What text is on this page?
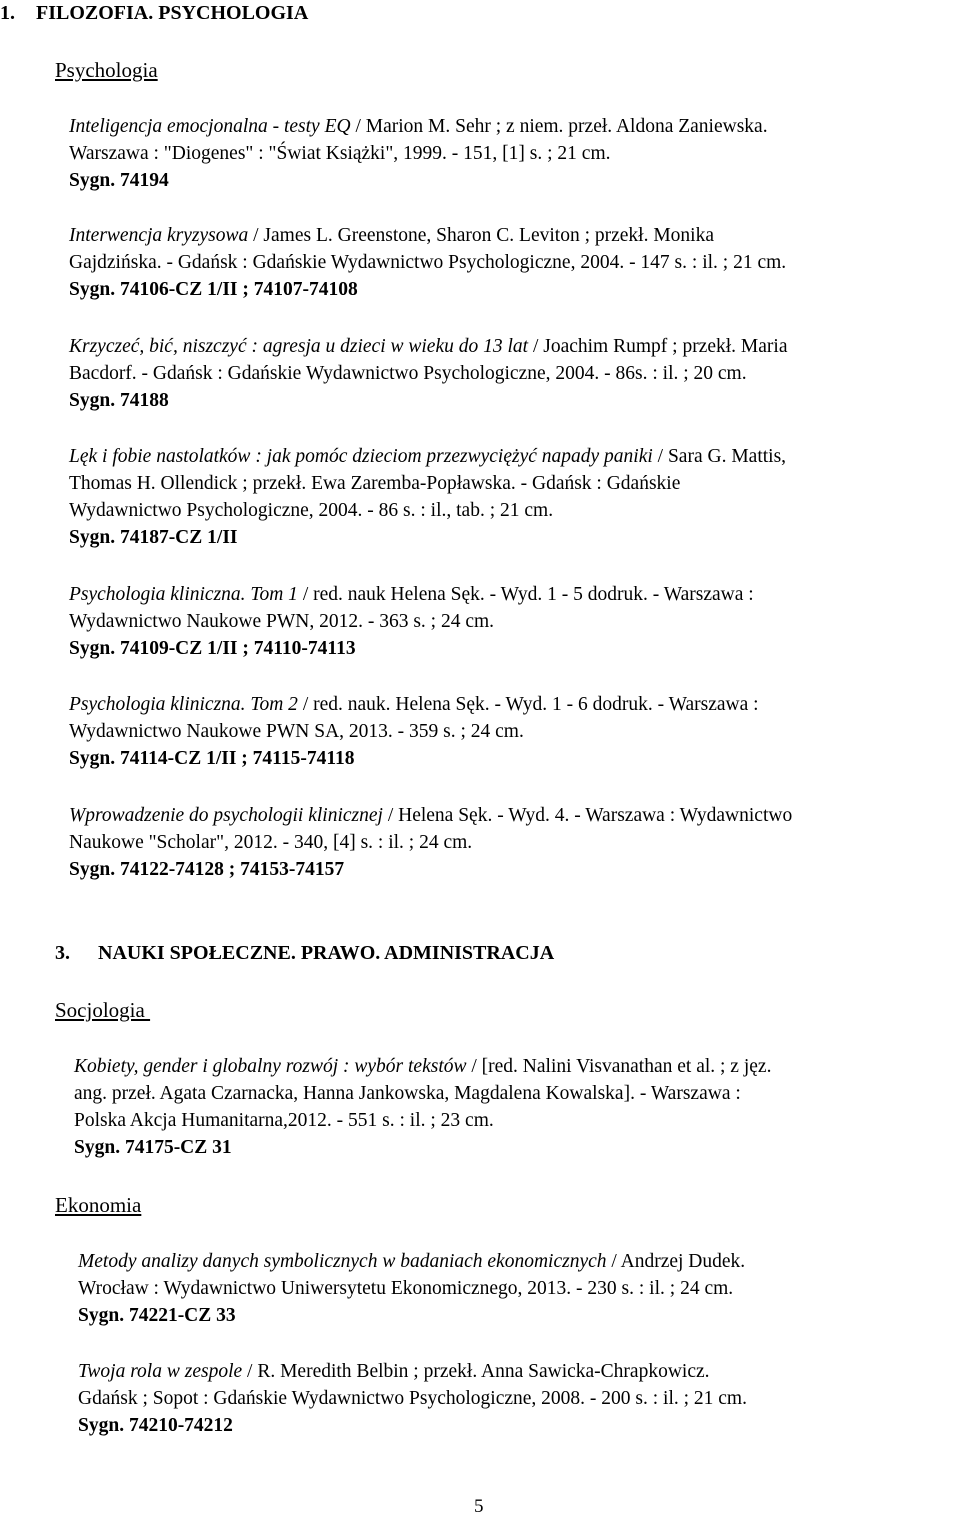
1. FILOZOFIA. PSYCHOLOGIA
Psychologia

Inteligencja emocjonalna - testy EQ / Marion M. Sehr ; z niem. przeł. Aldona Zaniewska.

Warszawa : "Diogenes" : "Świat Książki", 1999. - 151, [1] s. ; 21 cm.

Sygn. 74194

Interwencja kryzysowa / James L. Greenstone, Sharon C. Leviton ; przekł. Monika

Gajdzińska. - Gdańsk : Gdańskie Wydawnictwo Psychologiczne, 2004. - 147 s. : il. ; 21 cm.

Sygn. 74106-CZ 1/II ; 74107-74108

Krzyczeć, bić, niszczyć : agresja u dzieci w wieku do 13 lat / Joachim Rumpf ; przekł. Maria

Bacdorf. - Gdańsk : Gdańskie Wydawnictwo Psychologiczne, 2004. - 86s. : il. ; 20 cm.

Sygn. 74188

Lęk i fobie nastolatków : jak pomóc dzieciom przezwyciężyć napady paniki / Sara G. Mattis,

Thomas H. Ollendick ; przekł. Ewa Zaremba-Popławska. - Gdańsk : Gdańskie

Wydawnictwo Psychologiczne, 2004. - 86 s. : il., tab. ; 21 cm.

Sygn. 74187-CZ 1/II

Psychologia kliniczna. Tom 1 / red. nauk Helena Sęk. - Wyd. 1 - 5 dodruk. - Warszawa :

Wydawnictwo Naukowe PWN, 2012. - 363 s. ; 24 cm.

Sygn. 74109-CZ 1/II ; 74110-74113

Psychologia kliniczna. Tom 2 / red. nauk. Helena Sęk. - Wyd. 1 - 6 dodruk. - Warszawa :

Wydawnictwo Naukowe PWN SA, 2013. - 359 s. ; 24 cm.

Sygn. 74114-CZ 1/II ; 74115-74118

Wprowadzenie do psychologii klinicznej / Helena Sęk. - Wyd. 4. - Warszawa : Wydawnictwo

Naukowe "Scholar", 2012. - 340, [4] s. : il. ; 24 cm.

Sygn. 74122-74128 ; 74153-74157

3. NAUKI SPOŁECZNE. PRAWO. ADMINISTRACJA
Socjologia

Kobiety, gender i globalny rozwój : wybór tekstów / [red. Nalini Visvanathan et al. ; z jęz.

ang. przeł. Agata Czarnacka, Hanna Jankowska, Magdalena Kowalska]. - Warszawa :

Polska Akcja Humanitarna,2012. - 551 s. : il. ; 23 cm.

Sygn. 74175-CZ 31

Ekonomia

Metody analizy danych symbolicznych w badaniach ekonomicznych / Andrzej Dudek.

Wrocław : Wydawnictwo Uniwersytetu Ekonomicznego, 2013. - 230 s. : il. ; 24 cm.

Sygn. 74221-CZ 33

Twoja rola w zespole / R. Meredith Belbin ; przekł. Anna Sawicka-Chrapkowicz.

Gdańsk ; Sopot : Gdańskie Wydawnictwo Psychologiczne, 2008. - 200 s. : il. ; 21 cm.

Sygn. 74210-74212

5
